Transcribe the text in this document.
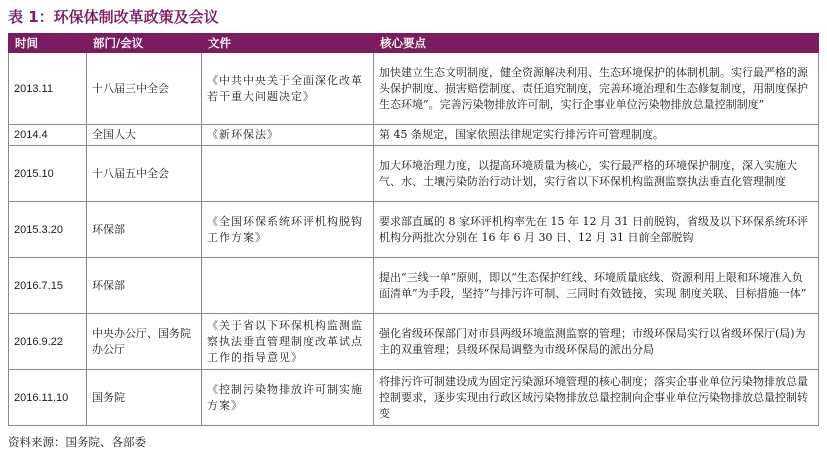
表 1：环保体制改革政策及会议
时间	部门/会议	文件	核心要点
2013.11	十八届三中全会	《中共中央关于全面深化改革若干重大问题决定》	加快建立生态文明制度，健全资源解决利用、生态环境保护的体制机制。实行最严格的源头保护制度、损害赔偿制度、责任追究制度，完善环境治理和生态修复制度，用制度保护生态环境”。完善污染物排放许可制，实行企事业单位污染物排放总量控制制度”
2014.4	全国人大	《新环保法》	第 45 条规定，国家依照法律规定实行排污许可管理制度。
2015.10	十八届五中全会		加大环境治理力度，以提高环境质量为核心，实行最严格的环境保护制度，深入实施大气、水、土壤污染防治行动计划，实行省以下环保机构监测监察执法垂直化管理制度
2015.3.20	环保部	《全国环保系统环评机构脱钩工作方案》	要求部直属的 8 家环评机构率先在 15 年 12 月 31 日前脱钩，省级及以下环保系统环评机构分两批次分别在 16 年 6 月 30 日、12 月 31 日前全部脱钩
2016.7.15	环保部		提出“三线一单”原则，即以“生态保护红线、环境质量底线、资源利用上限和环境准入负面清单”为手段，坚持“与排污许可制、三同时有效链接，实现 制度关联、目标措施一体”
2016.9.22	中央办公厅、国务院办公厅	《关于省以下环保机构监测监察执法垂直管理制度改革试点工作的指导意见》	强化省级环保部门对市县两级环境监测监察的管理；市级环保局实行以省级环保厅(局)为主的双重管理；县级环保局调整为市级环保局的派出分局
2016.11.10	国务院	《控制污染物排放许可制实施方案》	将排污许可制建设成为固定污染源环境管理的核心制度；落实企事业单位污染物排放总量控制要求，逐步实现由行政区域污染物排放总量控制向企事业单位污染物排放总量控制转变
资料来源：国务院、各部委
